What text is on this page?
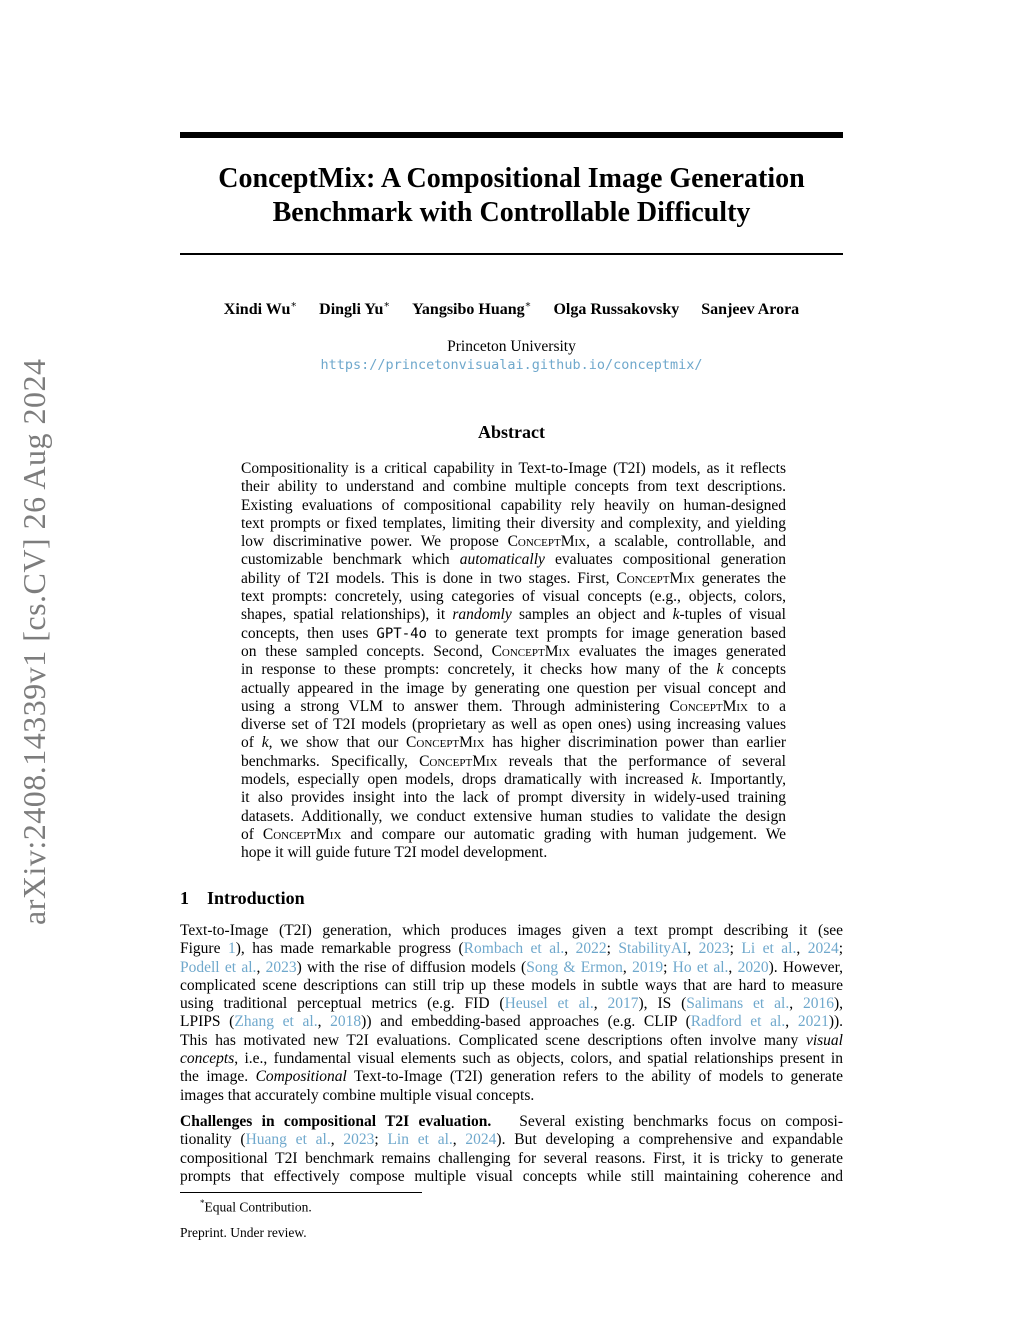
arXiv:2408.14339v1 [cs.CV] 26 Aug 2024
ConceptMix: A Compositional Image Generation
Benchmark with Controllable Difficulty
Xindi Wu∗ Dingli Yu∗ Yangsibo Huang∗ Olga Russakovsky Sanjeev Arora
Princeton University
https://princetonvisualai.github.io/conceptmix/
Abstract
Compositionality is a critical capability in Text-to-Image (T2I) models, as it reflects
their ability to understand and combine multiple concepts from text descriptions.
Existing evaluations of compositional capability rely heavily on human-designed
text prompts or fixed templates, limiting their diversity and complexity, and yielding
low discriminative power. We propose ConceptMix, a scalable, controllable, and
customizable benchmark which automatically evaluates compositional generation
ability of T2I models. This is done in two stages. First, ConceptMix generates the
text prompts: concretely, using categories of visual concepts (e.g., objects, colors,
shapes, spatial relationships), it randomly samples an object and k-tuples of visual
concepts, then uses GPT-4o to generate text prompts for image generation based
on these sampled concepts. Second, ConceptMix evaluates the images generated
in response to these prompts: concretely, it checks how many of the k concepts
actually appeared in the image by generating one question per visual concept and
using a strong VLM to answer them. Through administering ConceptMix to a
diverse set of T2I models (proprietary as well as open ones) using increasing values
of k, we show that our ConceptMix has higher discrimination power than earlier
benchmarks. Specifically, ConceptMix reveals that the performance of several
models, especially open models, drops dramatically with increased k. Importantly,
it also provides insight into the lack of prompt diversity in widely-used training
datasets. Additionally, we conduct extensive human studies to validate the design
of ConceptMix and compare our automatic grading with human judgement. We
hope it will guide future T2I model development.
1 Introduction
Text-to-Image (T2I) generation, which produces images given a text prompt describing it (see
Figure 1), has made remarkable progress (Rombach et al., 2022; StabilityAI, 2023; Li et al., 2024;
Podell et al., 2023) with the rise of diffusion models (Song & Ermon, 2019; Ho et al., 2020). However,
complicated scene descriptions can still trip up these models in subtle ways that are hard to measure
using traditional perceptual metrics (e.g. FID (Heusel et al., 2017), IS (Salimans et al., 2016),
LPIPS (Zhang et al., 2018)) and embedding-based approaches (e.g. CLIP (Radford et al., 2021)).
This has motivated new T2I evaluations. Complicated scene descriptions often involve many visual
concepts, i.e., fundamental visual elements such as objects, colors, and spatial relationships present in
the image. Compositional Text-to-Image (T2I) generation refers to the ability of models to generate
images that accurately combine multiple visual concepts.
Challenges in compositional T2I evaluation. Several existing benchmarks focus on composi-
tionality (Huang et al., 2023; Lin et al., 2024). But developing a comprehensive and expandable
compositional T2I benchmark remains challenging for several reasons. First, it is tricky to generate
prompts that effectively compose multiple visual concepts while still maintaining coherence and
*Equal Contribution.
Preprint. Under review.
